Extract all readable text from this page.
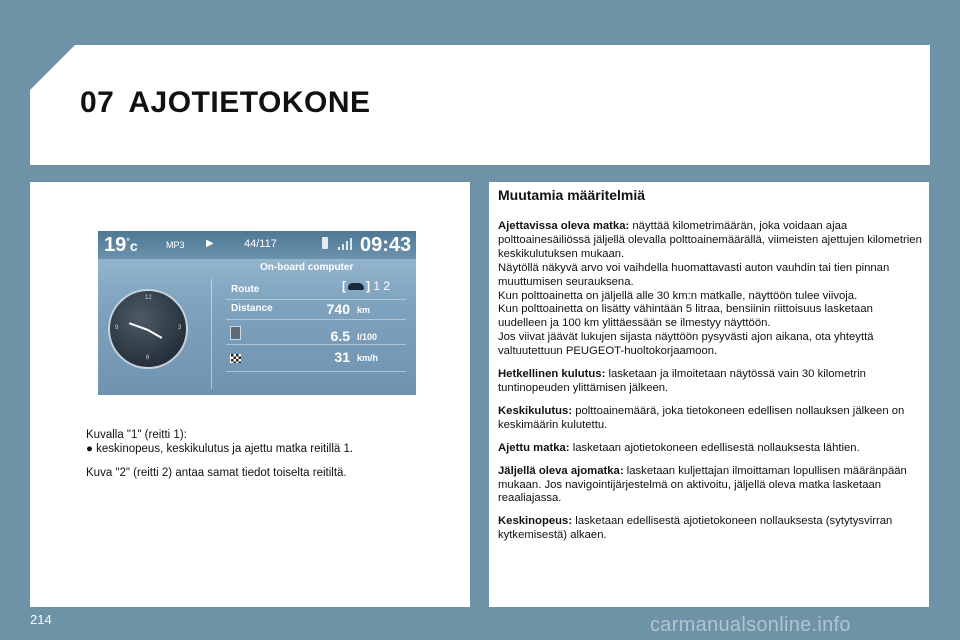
07 AJOTIETOKONE
19°c	MP3 ▶	44/117	09:43
On-board computer
12
3
6
9
Route	[ ] 1 2
Distance	740 km
6.5 l/100
31 km/h
Kuvalla "1" (reitti 1):
● keskinopeus, keskikulutus ja ajettu matka reitillä 1.
Kuva "2" (reitti 2) antaa samat tiedot toiselta reitiltä.
Muutamia määritelmiä

Ajettavissa oleva matka: näyttää kilometrimäärän, joka voidaan ajaa polttoainesäiliössä jäljellä olevalla polttoainemäärällä, viimeisten ajettujen kilometrien keskikulutuksen mukaan.
Näytöllä näkyvä arvo voi vaihdella huomattavasti auton vauhdin tai tien pinnan muuttumisen seurauksena.
Kun polttoainetta on jäljellä alle 30 km:n matkalle, näyttöön tulee viivoja.
Kun polttoainetta on lisätty vähintään 5 litraa, bensiinin riittoisuus lasketaan uudelleen ja 100 km ylittäessään se ilmestyy näyttöön.
Jos viivat jäävät lukujen sijasta näyttöön pysyvästi ajon aikana, ota yhteyttä valtuutettuun PEUGEOT-huoltokorjaamoon.

Hetkellinen kulutus: lasketaan ja ilmoitetaan näytössä vain 30 kilometrin tuntinopeuden ylittämisen jälkeen.

Keskikulutus: polttoainemäärä, joka tietokoneen edellisen nollauksen jälkeen on keskimäärin kulutettu.

Ajettu matka: lasketaan ajotietokoneen edellisestä nollauksesta lähtien.

Jäljellä oleva ajomatka: lasketaan kuljettajan ilmoittaman lopullisen määränpään mukaan. Jos navigointijärjestelmä on aktivoitu, jäljellä oleva matka lasketaan reaaliajassa.

Keskinopeus: lasketaan edellisestä ajotietokoneen nollauksesta (sytytysvirran kytkemisestä) alkaen.

214	carmanualsonline.info
